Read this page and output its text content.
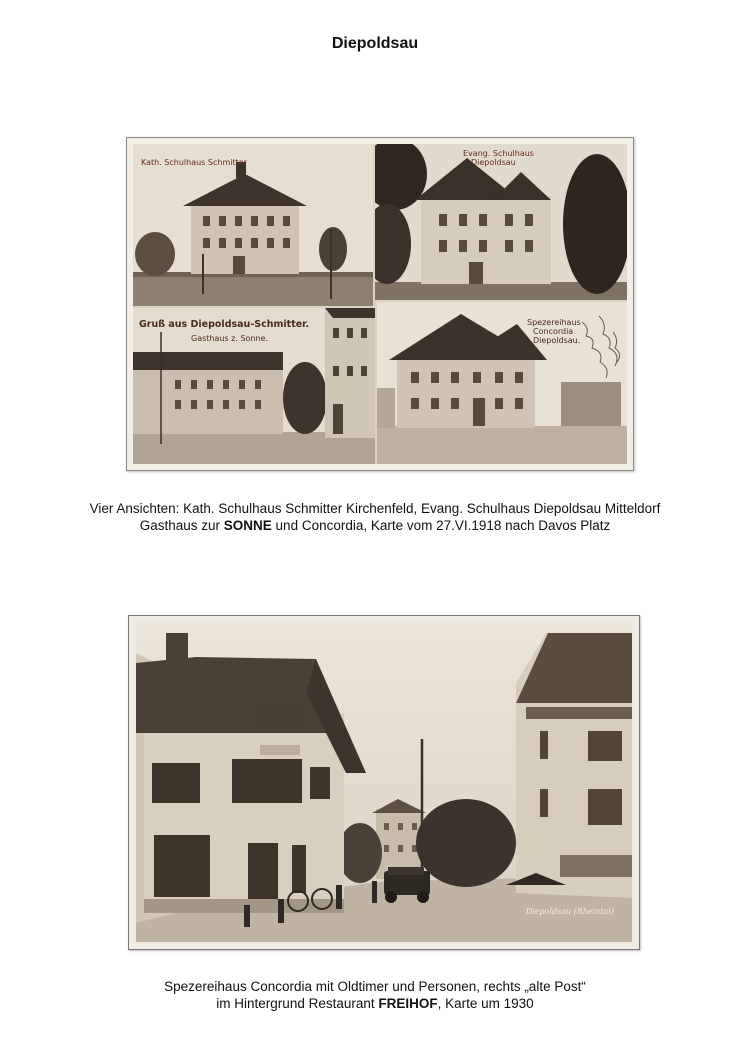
Diepoldsau
Kath. Schulhaus Schmitter
Evang. Schulhaus
Diepoldsau
Gruß aus Diepoldsau-Schmitter.
Gasthaus z. Sonne.
Spezereihaus
Concordia
Diepoldsau.
Vier Ansichten: Kath. Schulhaus Schmitter Kirchenfeld, Evang. Schulhaus Diepoldsau Mitteldorf
Gasthaus zur SONNE und Concordia, Karte vom 27.VI.1918 nach Davos Platz
Diepoldsau (Rheintal)
Spezereihaus Concordia mit Oldtimer und Personen, rechts „alte Post“
im Hintergrund Restaurant FREIHOF, Karte um 1930
